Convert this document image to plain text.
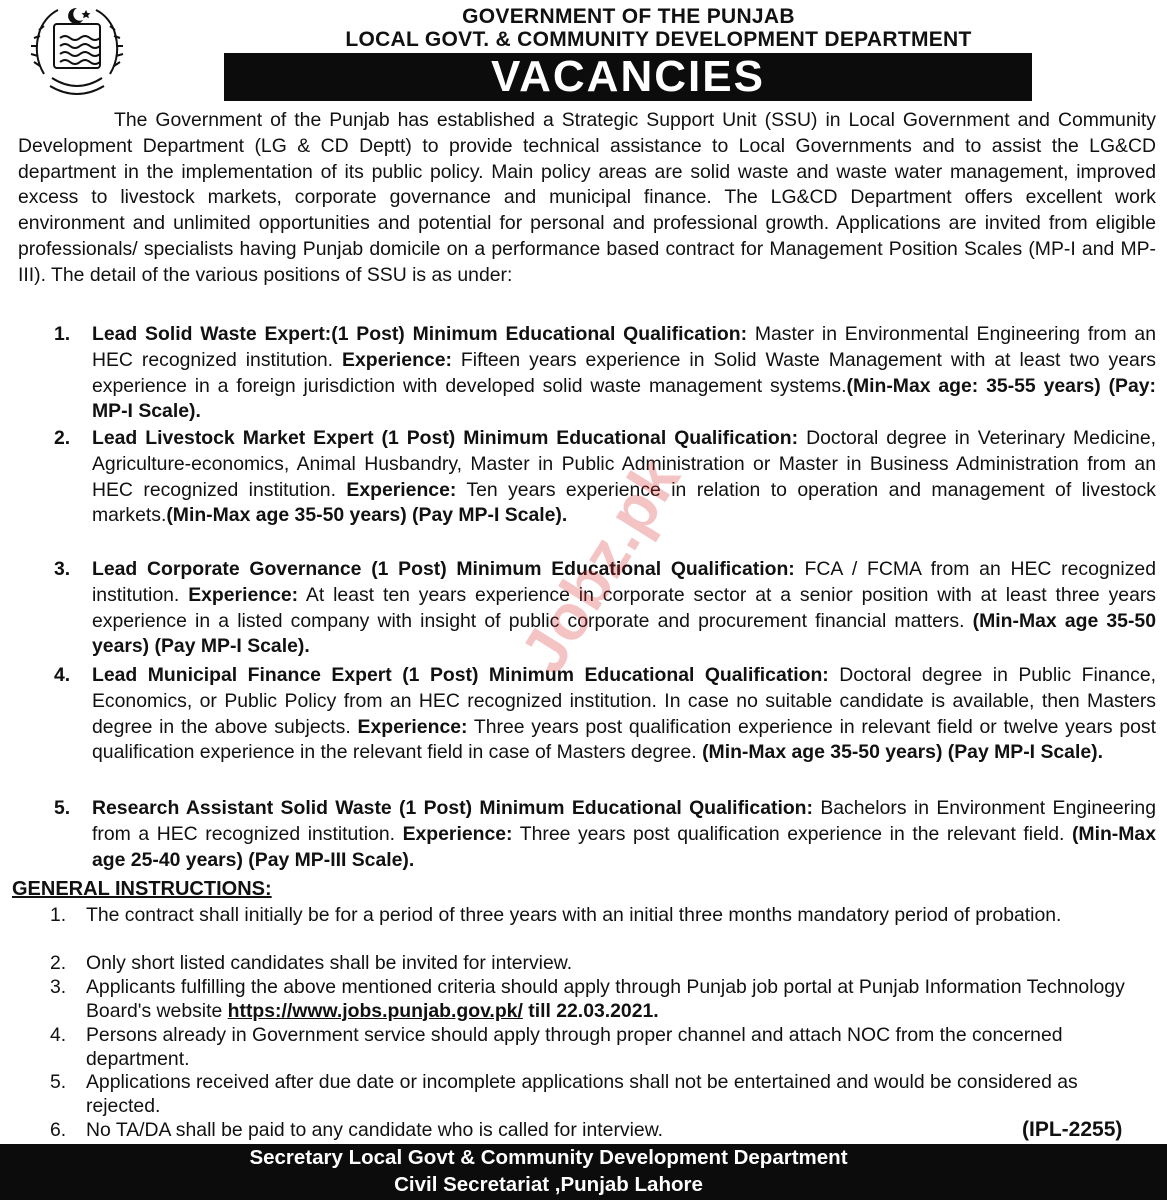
GOVERNMENT OF THE PUNJAB
LOCAL GOVT. & COMMUNITY DEVELOPMENT DEPARTMENT
VACANCIES

The Government of the Punjab has established a Strategic Support Unit (SSU) in Local Government and Community Development Department (LG & CD Deptt) to provide technical assistance to Local Governments and to assist the LG&CD department in the implementation of its public policy. Main policy areas are solid waste and waste water management, improved excess to livestock markets, corporate governance and municipal finance. The LG&CD Department offers excellent work environment and unlimited opportunities and potential for personal and professional growth. Applications are invited from eligible professionals/ specialists having Punjab domicile on a performance based contract for Management Position Scales (MP-I and MP-III). The detail of the various positions of SSU is as under:

1. Lead Solid Waste Expert:(1 Post) Minimum Educational Qualification: Master in Environmental Engineering from an HEC recognized institution. Experience: Fifteen years experience in Solid Waste Management with at least two years experience in a foreign jurisdiction with developed solid waste management systems.(Min-Max age: 35-55 years) (Pay: MP-I Scale).
2. Lead Livestock Market Expert (1 Post) Minimum Educational Qualification: Doctoral degree in Veterinary Medicine, Agriculture-economics, Animal Husbandry, Master in Public Administration or Master in Business Administration from an HEC recognized institution. Experience: Ten years experience in relation to operation and management of livestock markets.(Min-Max age 35-50 years) (Pay MP-I Scale).
3. Lead Corporate Governance (1 Post) Minimum Educational Qualification: FCA / FCMA from an HEC recognized institution. Experience: At least ten years experience in corporate sector at a senior position with at least three years experience in a listed company with insight of public corporate and procurement financial matters. (Min-Max age 35-50 years) (Pay MP-I Scale).
4. Lead Municipal Finance Expert (1 Post) Minimum Educational Qualification: Doctoral degree in Public Finance, Economics, or Public Policy from an HEC recognized institution. In case no suitable candidate is available, then Masters degree in the above subjects. Experience: Three years post qualification experience in relevant field or twelve years post qualification experience in the relevant field in case of Masters degree. (Min-Max age 35-50 years) (Pay MP-I Scale).
5. Research Assistant Solid Waste (1 Post) Minimum Educational Qualification: Bachelors in Environment Engineering from a HEC recognized institution. Experience: Three years post qualification experience in the relevant field. (Min-Max age 25-40 years) (Pay MP-III Scale).
GENERAL INSTRUCTIONS:
1. The contract shall initially be for a period of three years with an initial three months mandatory period of probation.
2. Only short listed candidates shall be invited for interview.
3. Applicants fulfilling the above mentioned criteria should apply through Punjab job portal at Punjab Information Technology Board's website https://www.jobs.punjab.gov.pk/ till 22.03.2021.
4. Persons already in Government service should apply through proper channel and attach NOC from the concerned department.
5. Applications received after due date or incomplete applications shall not be entertained and would be considered as rejected.
6. No TA/DA shall be paid to any candidate who is called for interview.	(IPL-2255)
Secretary Local Govt & Community Development Department
Civil Secretariat ,Punjab Lahore
Jobz.pk
